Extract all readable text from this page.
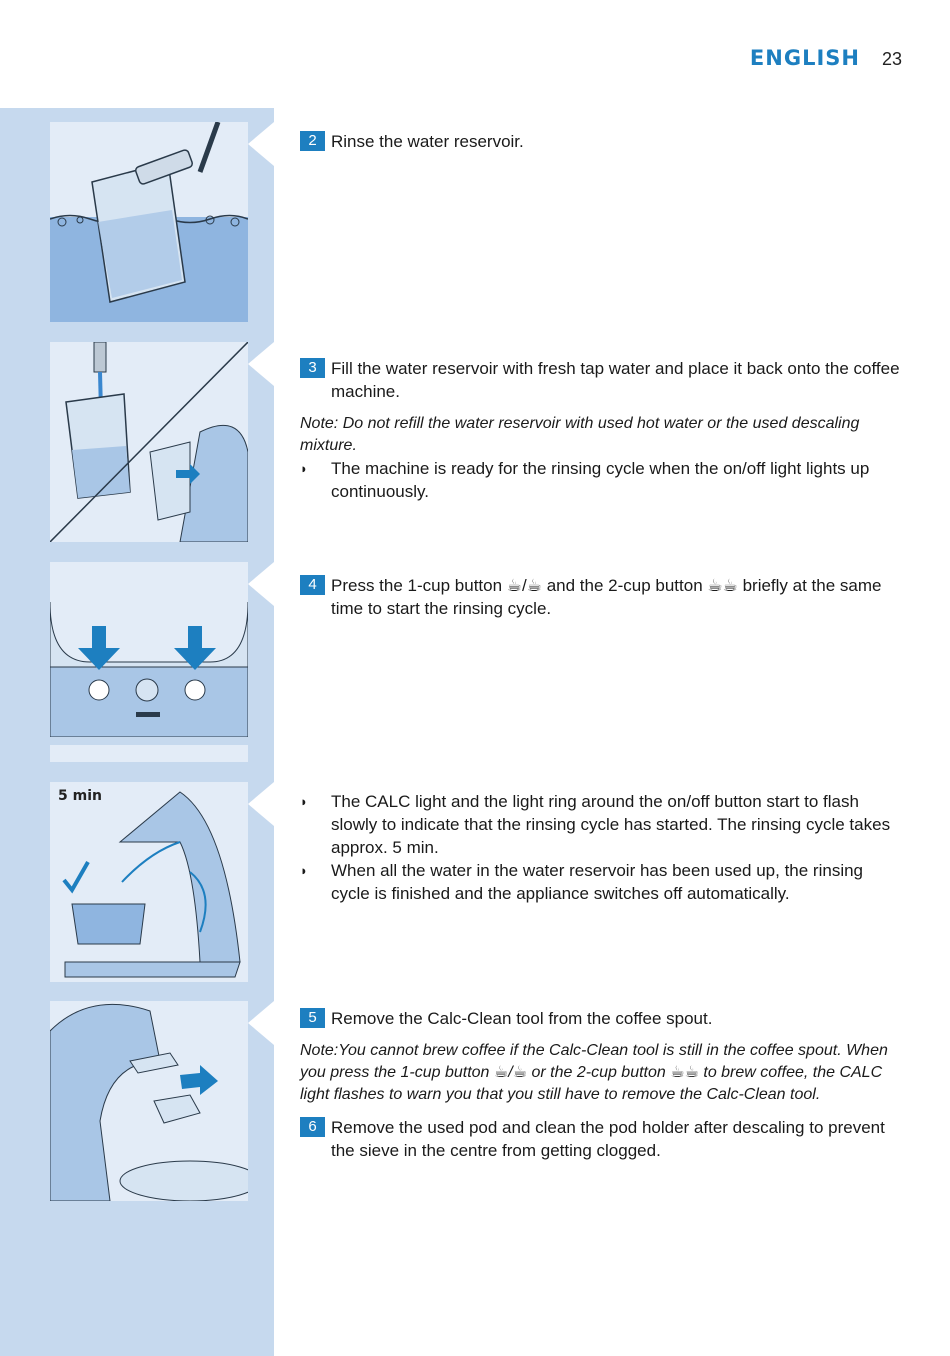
ENGLISH 23
5 min
2 Rinse the water reservoir.
3 Fill the water reservoir with fresh tap water and place it back onto the coffee machine.
Note: Do not refill the water reservoir with used hot water or the used descaling mixture.
◗ The machine is ready for the rinsing cycle when the on/off light lights up continuously.
4 Press the 1-cup button ☕/☕ and the 2-cup button ☕☕ briefly at the same time to start the rinsing cycle.
◗ The CALC light and the light ring around the on/off button start to flash slowly to indicate that the rinsing cycle has started. The rinsing cycle takes approx. 5 min.
◗ When all the water in the water reservoir has been used up, the rinsing cycle is finished and the appliance switches off automatically.
5 Remove the Calc-Clean tool from the coffee spout.
Note:You cannot brew coffee if the Calc-Clean tool is still in the coffee spout. When you press the 1-cup button ☕/☕ or the 2-cup button ☕☕ to brew coffee, the CALC light flashes to warn you that you still have to remove the Calc-Clean tool.
6 Remove the used pod and clean the pod holder after descaling to prevent the sieve in the centre from getting clogged.
